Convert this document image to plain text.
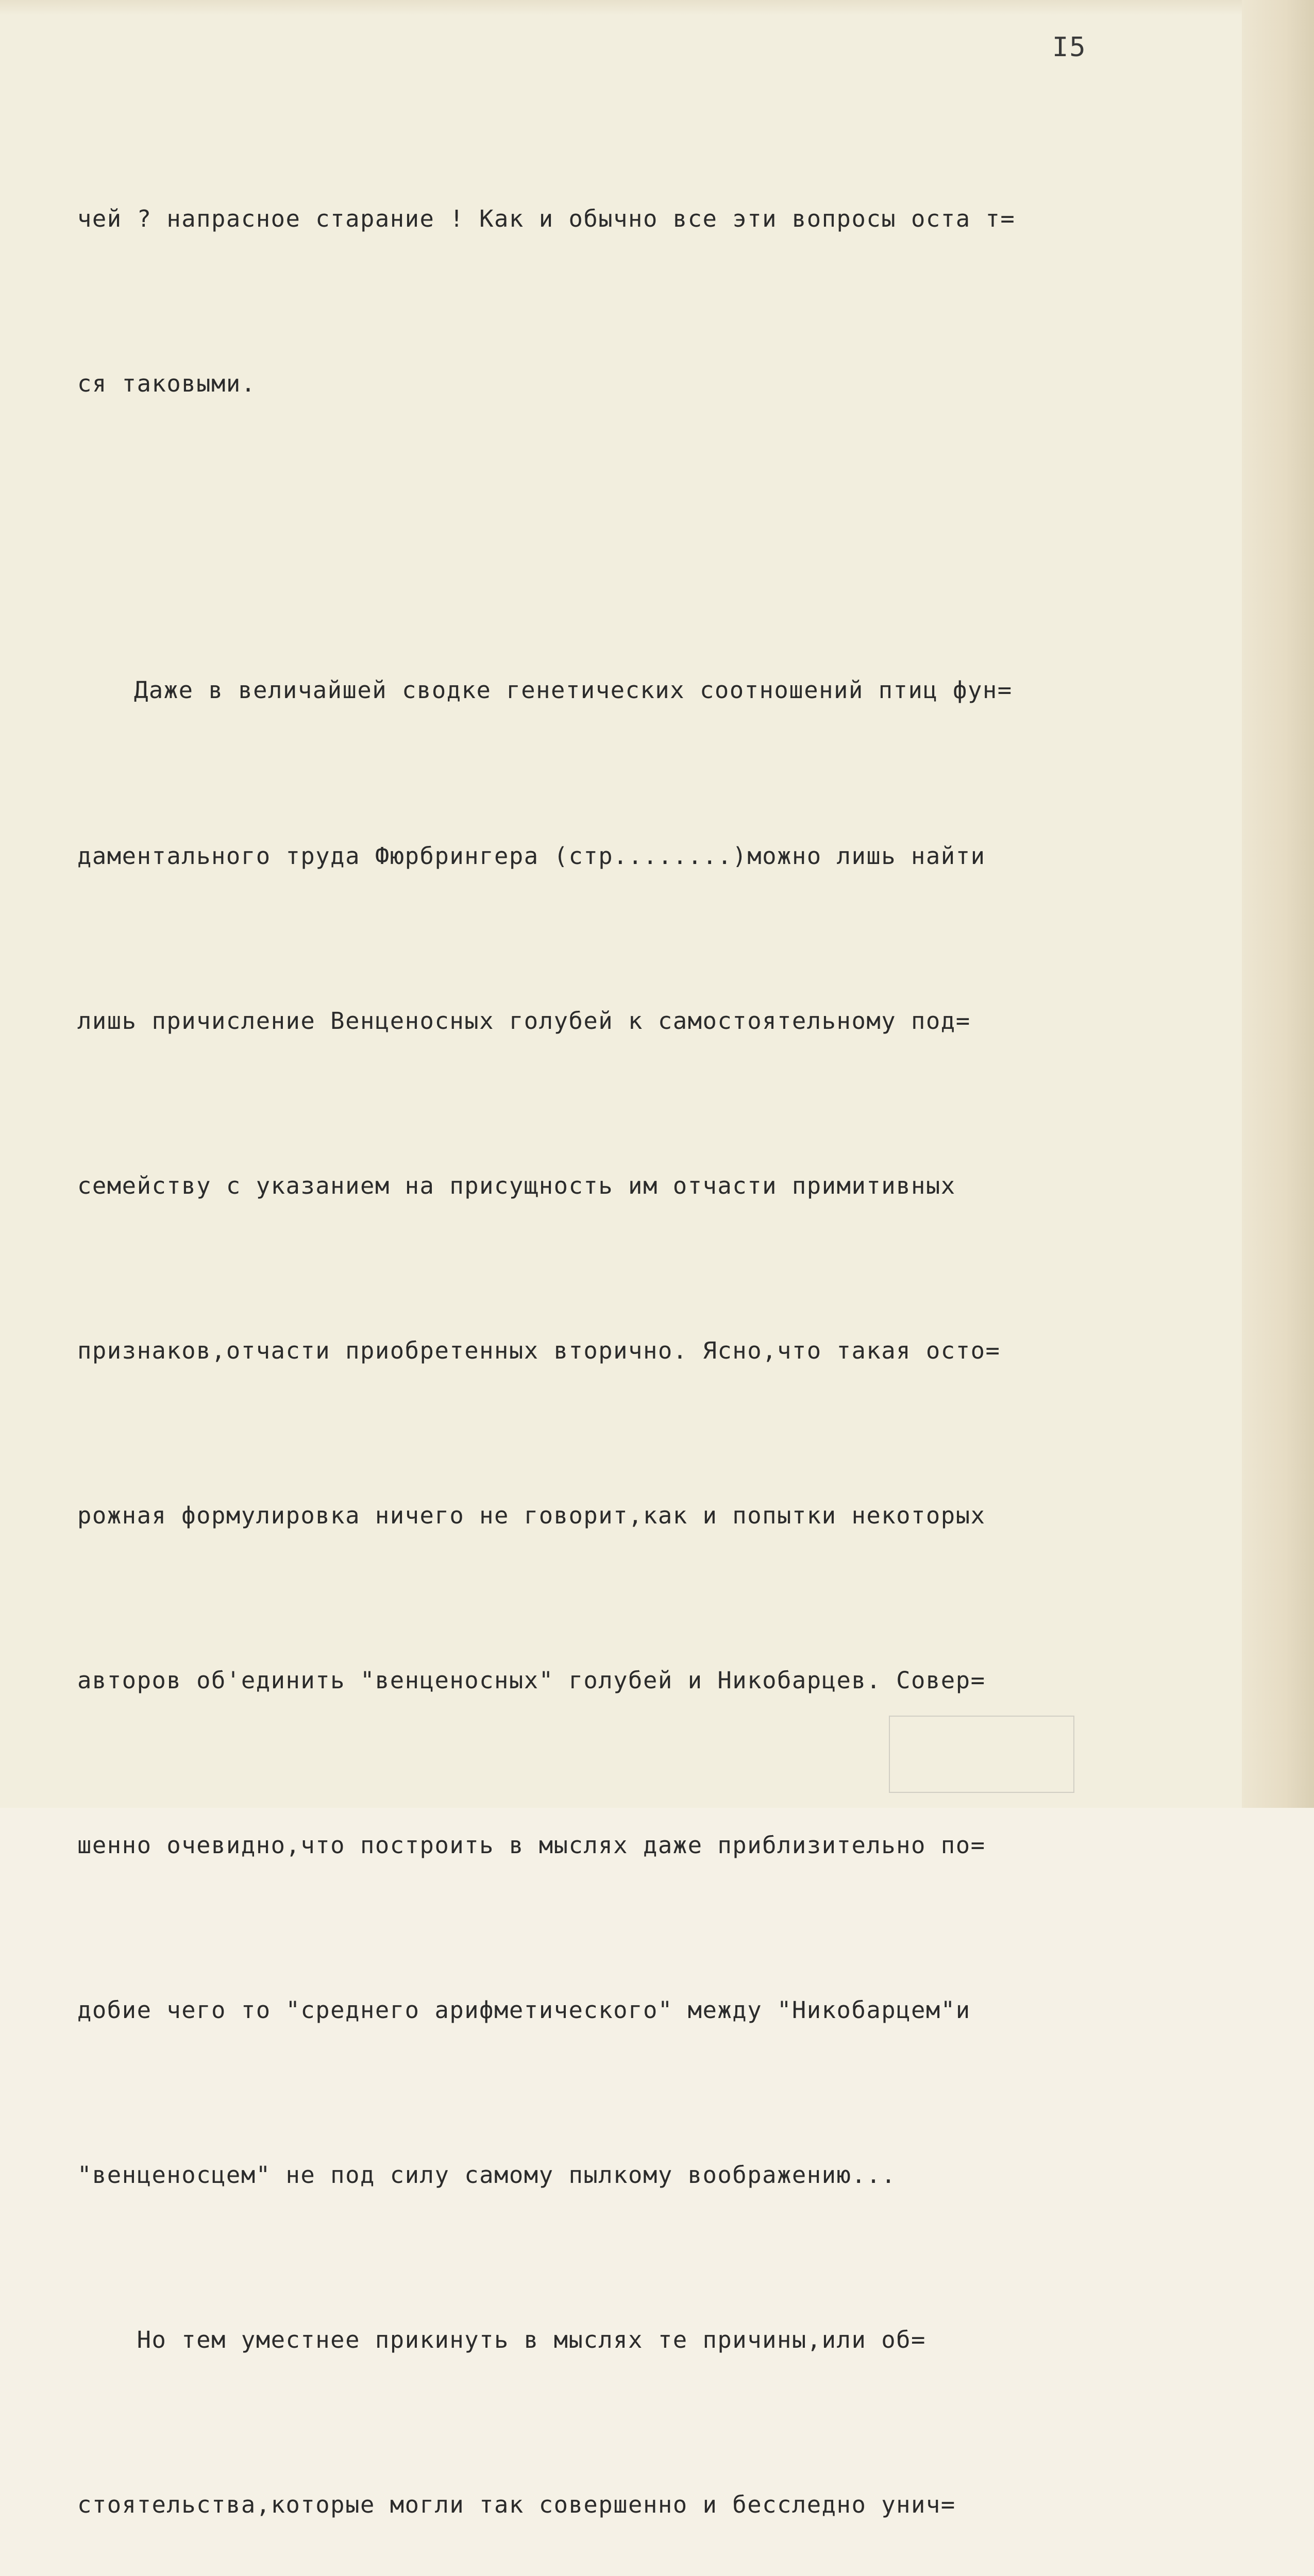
I5

чей ? напрасное старание ! Как и обычно все эти вопросы оста т=

ся таковыми.

Даже в величайшей сводке генетических соотношений птиц фун=

даментального труда Фюрбрингера (стр........)можно лишь найти

лишь причисление Венценосных голубей к самостоятельному под=

семейству с указанием на присущность им отчасти примитивных

признаков,отчасти приобретенных вторично. Ясно,что такая осто=

рожная формулировка ничего не говорит,как и попытки некоторых

авторов об'единить "венценосных" голубей и Никобарцев. Совер=

шенно очевидно,что построить в мыслях даже приблизительно по=

добие чего то "среднего арифметического" между "Никобарцем"и

"венценосцем" не под силу самому пылкому воображению...

Но тем уместнее прикинуть в мыслях те причины,или об=

стоятельства,которые могли так совершенно и бесследно унич=
